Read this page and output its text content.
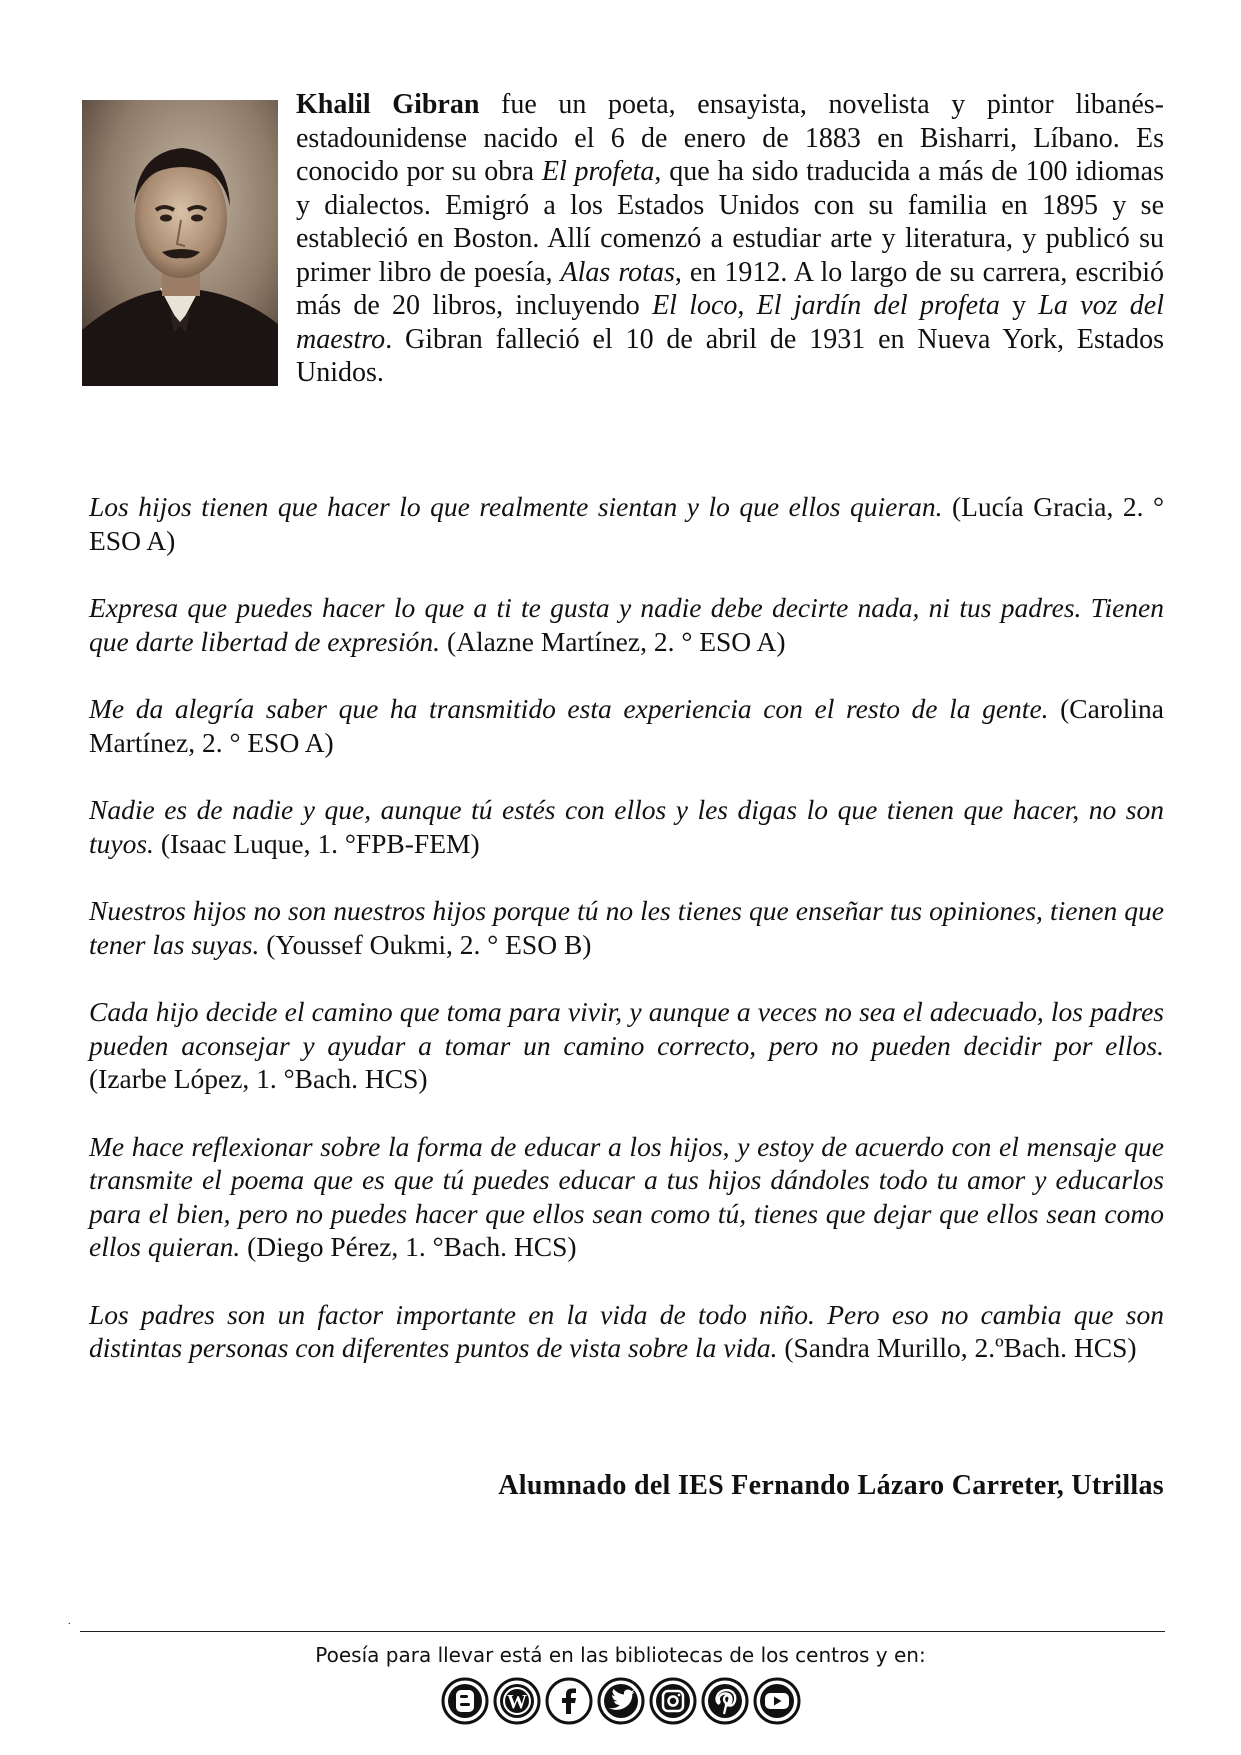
Khalil Gibran fue un poeta, ensayista, novelista y pintor libanés-estadounidense nacido el 6 de enero de 1883 en Bisharri, Líbano. Es conocido por su obra El profeta, que ha sido traducida a más de 100 idiomas y dialectos. Emigró a los Estados Unidos con su familia en 1895 y se estableció en Boston. Allí comenzó a estudiar arte y literatura, y publicó su primer libro de poesía, Alas rotas, en 1912. A lo largo de su carrera, escribió más de 20 libros, incluyendo El loco, El jardín del profeta y La voz del maestro. Gibran falleció el 10 de abril de 1931 en Nueva York, Estados Unidos.

Los hijos tienen que hacer lo que realmente sientan y lo que ellos quieran. (Lucía Gracia, 2. ° ESO A)

Expresa que puedes hacer lo que a ti te gusta y nadie debe decirte nada, ni tus padres. Tienen que darte libertad de expresión. (Alazne Martínez, 2. ° ESO A)

Me da alegría saber que ha transmitido esta experiencia con el resto de la gente. (Carolina Martínez, 2. ° ESO A)

Nadie es de nadie y que, aunque tú estés con ellos y les digas lo que tienen que hacer, no son tuyos. (Isaac Luque, 1. °FPB-FEM)

Nuestros hijos no son nuestros hijos porque tú no les tienes que enseñar tus opiniones, tienen que tener las suyas. (Youssef Oukmi, 2. ° ESO B)

Cada hijo decide el camino que toma para vivir, y aunque a veces no sea el adecuado, los padres pueden aconsejar y ayudar a tomar un camino correcto, pero no pueden decidir por ellos. (Izarbe López, 1. °Bach. HCS)

Me hace reflexionar sobre la forma de educar a los hijos, y estoy de acuerdo con el mensaje que transmite el poema que es que tú puedes educar a tus hijos dándoles todo tu amor y educarlos para el bien, pero no puedes hacer que ellos sean como tú, tienes que dejar que ellos sean como ellos quieran. (Diego Pérez, 1. °Bach. HCS)

Los padres son un factor importante en la vida de todo niño. Pero eso no cambia que son distintas personas con diferentes puntos de vista sobre la vida. (Sandra Murillo, 2.ºBach. HCS)

Alumnado del IES Fernando Lázaro Carreter, Utrillas
.
Poesía para llevar está en las bibliotecas de los centros y en:
W
